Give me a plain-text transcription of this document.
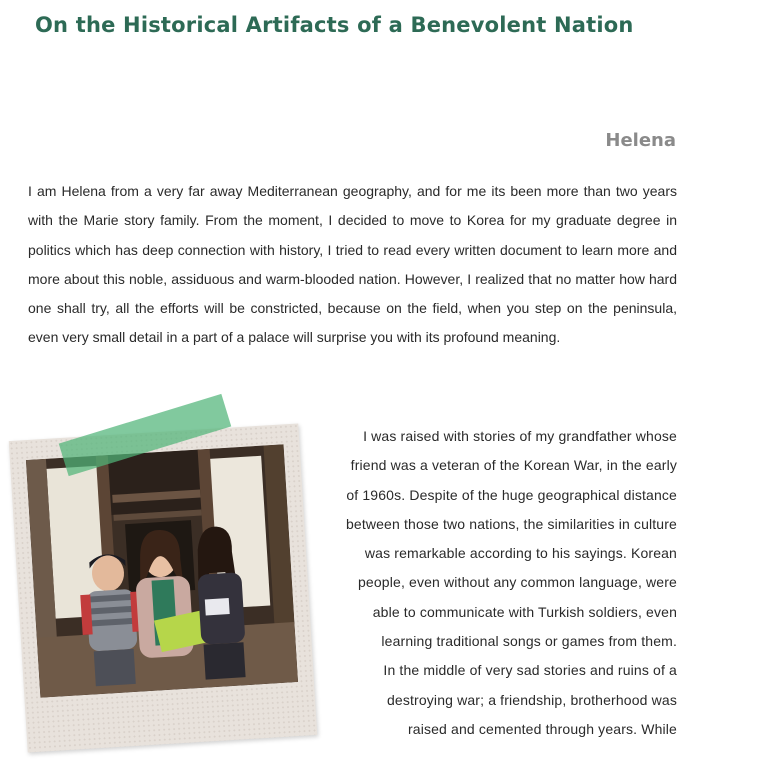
On the Historical Artifacts of a Benevolent Nation
Helena

I am Helena from a very far away Mediterranean geography, and for me its been more than two years with the Marie story family. From the moment, I decided to move to Korea for my graduate degree in politics which has deep connection with history, I tried to read every written document to learn more and more about this noble, assiduous and warm-blooded nation. However, I realized that no matter how hard one shall try, all the efforts will be constricted, because on the field, when you step on the peninsula, even very small detail in a part of a palace will surprise you with its profound meaning.

I was raised with stories of my grandfather whose
friend was a veteran of the Korean War, in the early
of 1960s. Despite of the huge geographical distance
between those two nations, the similarities in culture
was remarkable according to his sayings. Korean
people, even without any common language, were
able to communicate with Turkish soldiers, even
learning traditional songs or games from them.
In the middle of very sad stories and ruins of a
destroying war; a friendship, brotherhood was
raised and cemented through years. While
